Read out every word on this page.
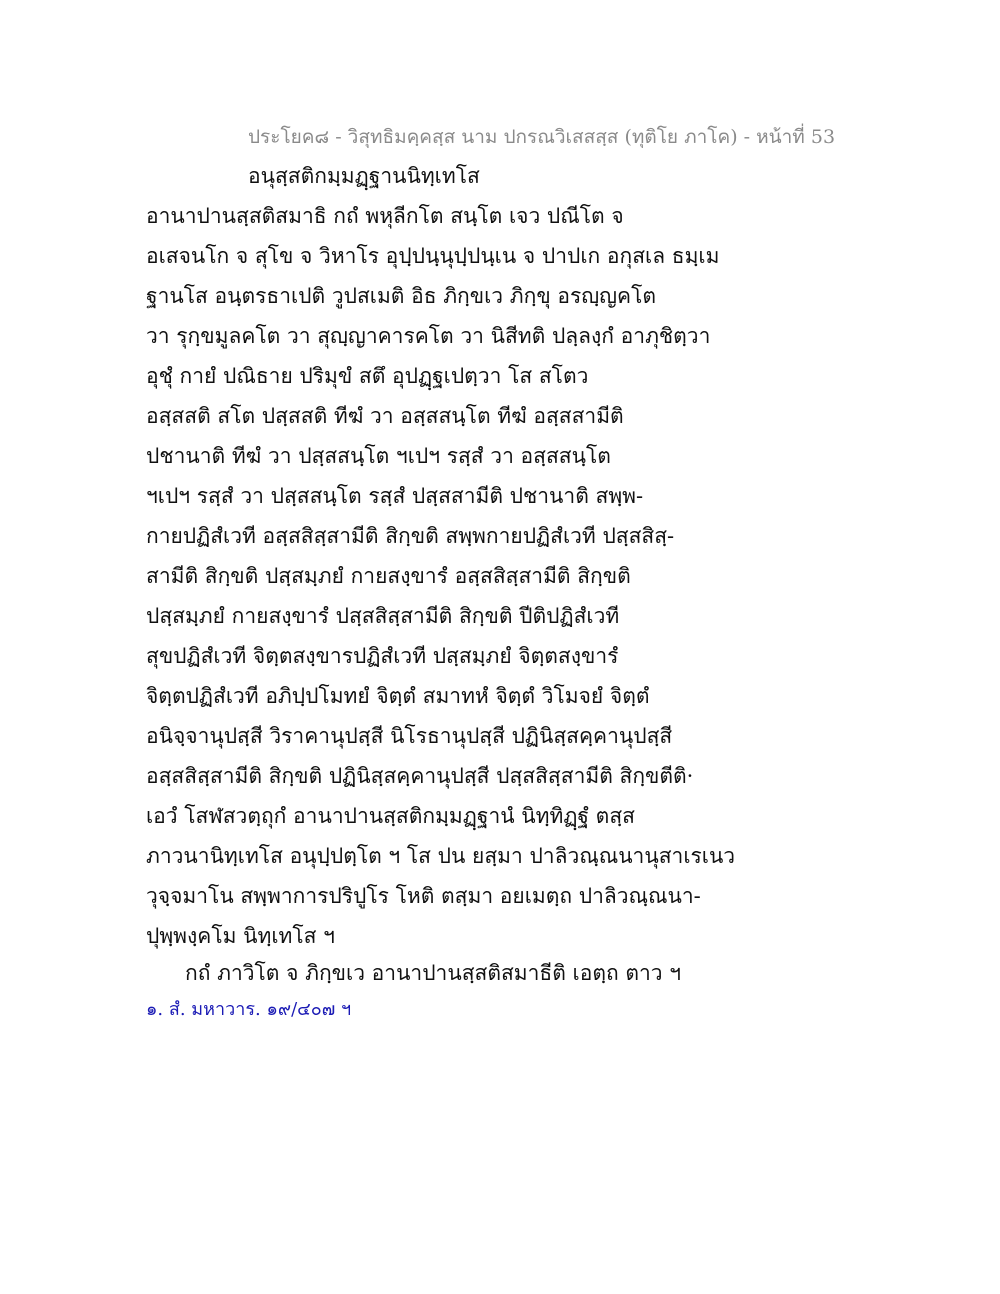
ประโยค๘ - วิสุทธิมคฺคสฺส นาม ปกรณวิเสสสฺส (ทุติโย ภาโค) - หน้าที่ 53
อนุสฺสติกมฺมฏฺฐานนิทฺเทโส
อานาปานสฺสติสมาธิ กถํ พหุลีกโต สนฺโต เจว ปณีโต จ
อเสจนโก จ สุโข จ วิหาโร อุปฺปนฺนุปฺปนฺเน จ ปาปเก อกุสเล ธมฺเม
ฐานโส อนฺตรธาเปติ วูปสเมติ อิธ ภิกฺขเว ภิกฺขุ อรญฺญคโต
วา รุกฺขมูลคโต วา สุญฺญาคารคโต วา นิสีทติ ปลฺลงฺกํ อาภุชิตฺวา
อุชุํ กายํ ปณิธาย ปริมุขํ สตึ อุปฏฺฐเปตฺวา โส สโตว
อสฺสสติ สโต ปสฺสสติ ทีฆํ วา อสฺสสนฺโต ทีฆํ อสฺสสามีติ
ปชานาติ ทีฆํ วา ปสฺสสนฺโต ฯเปฯ รสฺสํ วา อสฺสสนฺโต
ฯเปฯ รสฺสํ วา ปสฺสสนฺโต รสฺสํ ปสฺสสามีติ ปชานาติ สพฺพ-
กายปฏิสํเวที อสฺสสิสฺสามีติ สิกฺขติ สพฺพกายปฏิสํเวที ปสฺสสิสฺ-
สามีติ สิกฺขติ ปสฺสมฺภยํ กายสงฺขารํ อสฺสสิสฺสามีติ สิกฺขติ
ปสฺสมฺภยํ กายสงฺขารํ ปสฺสสิสฺสามีติ สิกฺขติ ปีติปฏิสํเวที
สุขปฏิสํเวที จิตฺตสงฺขารปฏิสํเวที ปสฺสมฺภยํ จิตฺตสงฺขารํ
จิตฺตปฏิสํเวที อภิปฺปโมทยํ จิตฺตํ สมาทหํ จิตฺตํ วิโมจยํ จิตฺตํ
อนิจฺจานุปสฺสี วิราคานุปสฺสี นิโรธานุปสฺสี ปฏินิสฺสคฺคานุปสฺสี
อสฺสสิสฺสามีติ สิกฺขติ ปฏินิสฺสคฺคานุปสฺสี ปสฺสสิสฺสามีติ สิกฺขตีติ·
เอวํ โสฬสวตฺถุกํ อานาปานสฺสติกมฺมฏฺฐานํ นิทฺทิฏฺฐํ ตสฺส
ภาวนานิทฺเทโส อนุปฺปตฺโต ฯ โส ปน ยสฺมา ปาลิวณฺณนานุสาเรเนว
วุจฺจมาโน สพฺพาการปริปูโร โหติ ตสฺมา อยเมตฺถ ปาลิวณฺณนา-
ปุพฺพงฺคโม นิทฺเทโส ฯ
กถํ ภาวิโต จ ภิกฺขเว อานาปานสฺสติสมาธีติ เอตฺถ ตาว ฯ
๑. สํ. มหาวาร. ๑๙/๔๐๗ ฯ
